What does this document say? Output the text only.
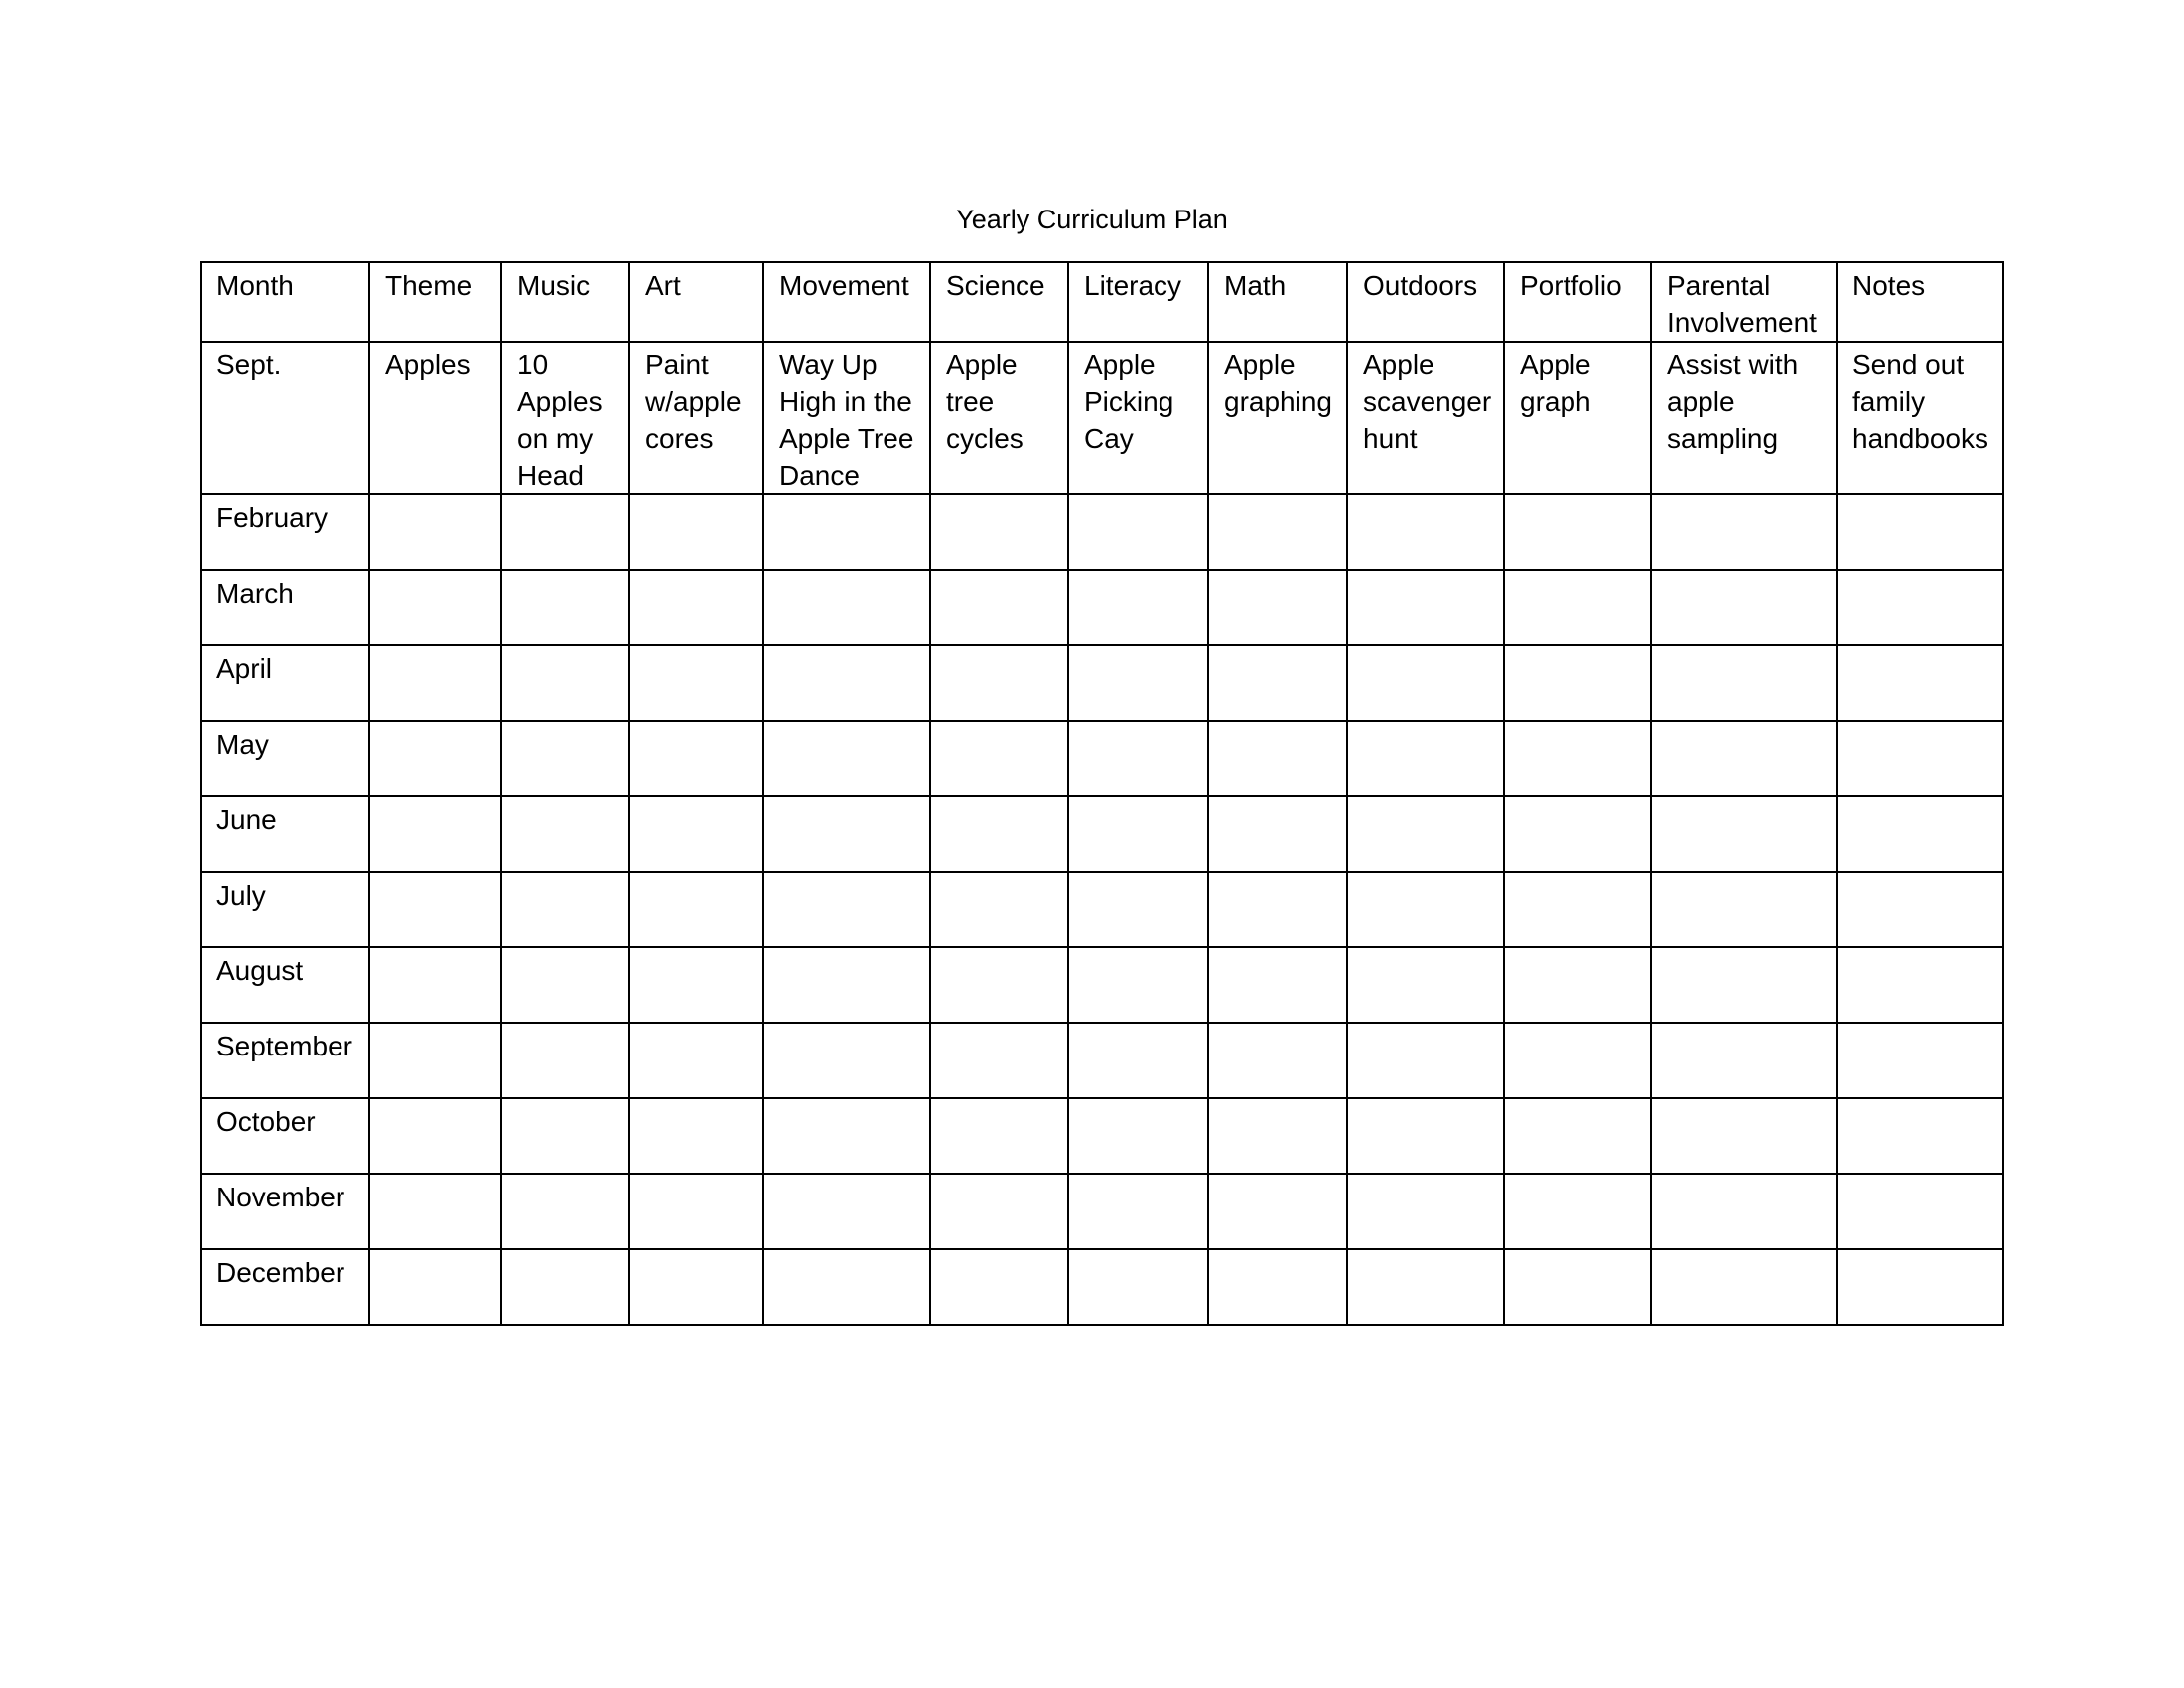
Yearly Curriculum Plan
Month	Theme	Music	Art	Movement	Science	Literacy	Math	Outdoors	Portfolio	Parental Involvement	Notes
Sept.	Apples	10 Apples on my Head	Paint w/apple cores	Way Up High in the Apple Tree Dance	Apple tree cycles	Apple Picking Cay	Apple graphing	Apple scavenger hunt	Apple graph	Assist with apple sampling	Send out family handbooks
February											
March											
April											
May											
June											
July											
August											
September											
October											
November											
December											
